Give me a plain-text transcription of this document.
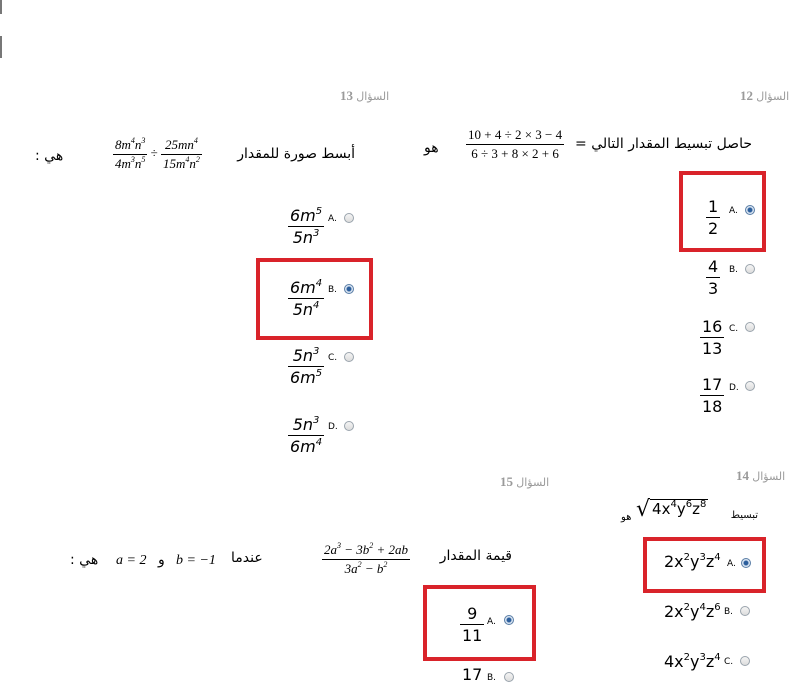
12 السؤال
حاصل تبسيط المقدار التالي =
$\frac{10 + 4 \div 2 \times 3 - 4}{6 \div 3 + 8 \times 2 + 6}$
هو
$\frac{1}{2} A$.
$\frac{4}{3} B$.
$\frac{16}{13} C$.
$\frac{17}{18} D$.
13 السؤال
أبسط صورة للمقدار
$\frac{8m^4n^3}{4m^3n^5} \div \frac{25mn^4}{15m^4n^2}$
هي :
$\frac{6m^5}{5n^3} A$.
$\frac{6m^4}{5n^4} B$.
$\frac{5n^3}{6m^5} C$.
$\frac{5n^3}{6m^4} D$.
14 السؤال
تبسيط
√ $4x^4y^6z^8$
هو
$2x^2y^3z^4$
A.
$2x^2y^4z^6$ B.
$4x^2y^3z^4$ C.
15 السؤال
قيمة المقدار
$\frac{2a^3 - 3b^2 + 2ab}{3a^2 - b^2}$
عندما
b = −1
و
a = 2
هي :
$\frac{9}{11} A$.
17 B.
